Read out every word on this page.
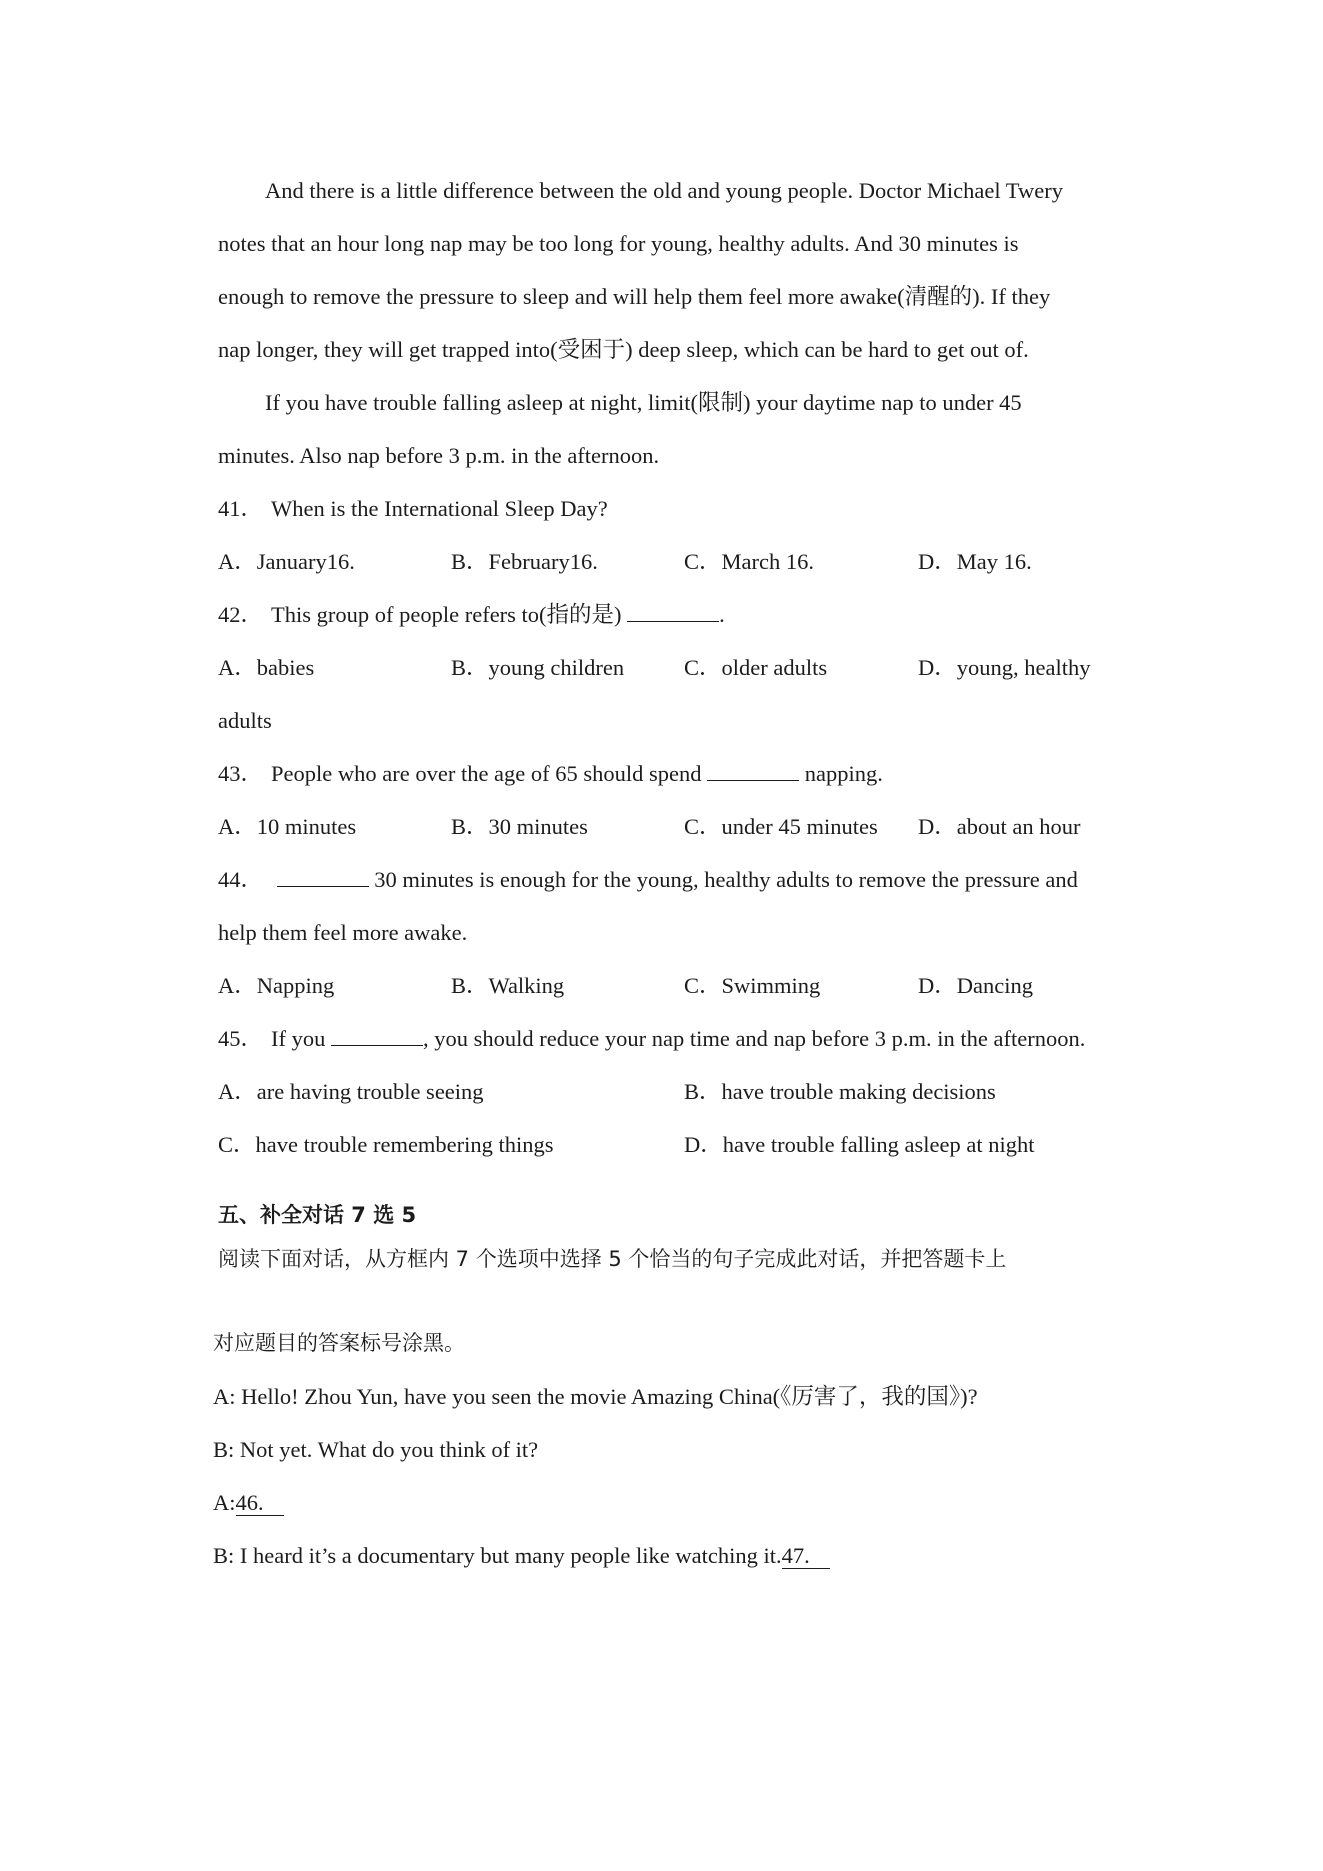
And there is a little difference between the old and young people. Doctor Michael Twery
notes that an hour long nap may be too long for young, healthy adults. And 30 minutes is
enough to remove the pressure to sleep and will help them feel more awake(清醒的). If they
nap longer, they will get trapped into(受困于) deep sleep, which can be hard to get out of.
If you have trouble falling asleep at night, limit(限制) your daytime nap to under 45
minutes. Also nap before 3 p.m. in the afternoon.
41． When is the International Sleep Day?
A．January16.	B．February16.	C．March 16.	D．May 16.
42． This group of people refers to(指的是)	.
A．babies	B．young children	C．older adults	D．young, healthy
adults
43． People who are over the age of 65 should spend	napping.
A．10 minutes	B．30 minutes	C．under 45 minutes D．about an hour
44．	30 minutes is enough for the young, healthy adults to remove the pressure and
help them feel more awake.
A．Napping	B．Walking	C．Swimming	D．Dancing
45． If you	, you should reduce your nap time and nap before 3 p.m. in the afternoon.
A．are having trouble seeing	B．have trouble making decisions
C．have trouble remembering things	D．have trouble falling asleep at night
五、补全对话 7 选 5
阅读下面对话，从方框内 7 个选项中选择 5 个恰当的句子完成此对话，并把答题卡上
对应题目的答案标号涂黑。
A: Hello! Zhou Yun, have you seen the movie Amazing China(《厉害了，我的国》)?
B: Not yet. What do you think of it?
A:46.
B: I heard it’s a documentary but many people like watching it.47.
